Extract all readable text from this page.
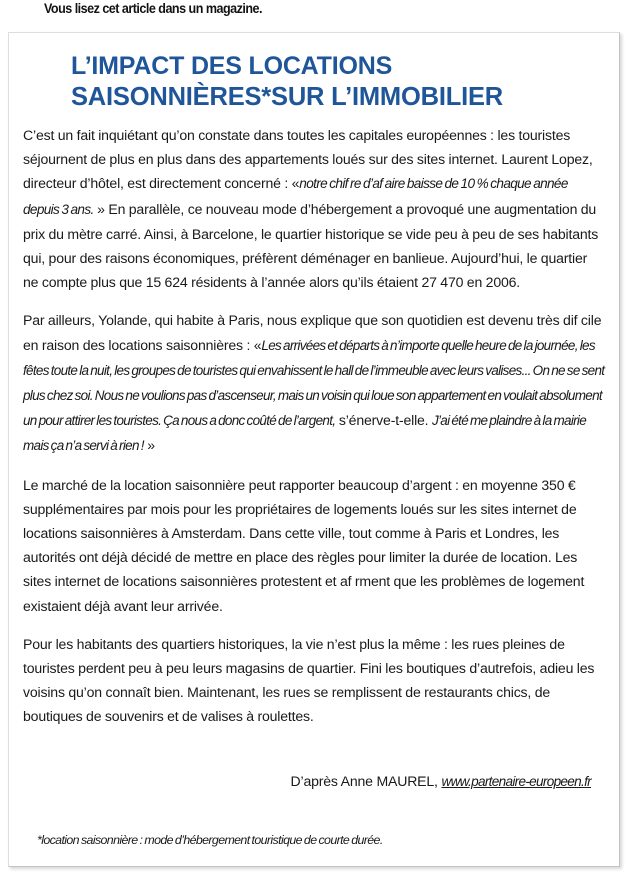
Vous lisez cet article dans un magazine.
L’IMPACT DES LOCATIONS
SAISONNIÈRES*SUR L’IMMOBILIER

C’est un fait inquiétant qu’on constate dans toutes les capitales européennes : les touristes séjournent de plus en plus dans des appartements loués sur des sites internet. Laurent Lopez, directeur d’hôtel, est directement concerné : «notre chif re d’af aire baisse de 10 % chaque année depuis 3 ans. » En parallèle, ce nouveau mode d’hébergement a provoqué une augmentation du prix du mètre carré. Ainsi, à Barcelone, le quartier historique se vide peu à peu de ses habitants qui, pour des raisons économiques, préfèrent déménager en banlieue. Aujourd’hui, le quartier ne compte plus que 15 624 résidents à l’année alors qu’ils étaient 27 470 en 2006.

Par ailleurs, Yolande, qui habite à Paris, nous explique que son quotidien est devenu très dif cile en raison des locations saisonnières : «Les arrivées et départs à n’importe quelle heure de la journée, les fêtes toute la nuit, les groupes de touristes qui envahissent le hall de l’immeuble avec leurs valises... On ne se sent plus chez soi. Nous ne voulions pas d’ascenseur, mais un voisin qui loue son appartement en voulait absolument un pour attirer les touristes. Ça nous a donc coûté de l’argent, s’énerve-t-elle. J’ai été me plaindre à la mairie mais ça n’a servi à rien ! »

Le marché de la location saisonnière peut rapporter beaucoup d’argent : en moyenne 350 € supplémentaires par mois pour les propriétaires de logements loués sur les sites internet de locations saisonnières à Amsterdam. Dans cette ville, tout comme à Paris et Londres, les autorités ont déjà décidé de mettre en place des règles pour limiter la durée de location. Les sites internet de locations saisonnières protestent et af rment que les problèmes de logement existaient déjà avant leur arrivée.

Pour les habitants des quartiers historiques, la vie n’est plus la même : les rues pleines de touristes perdent peu à peu leurs magasins de quartier. Fini les boutiques d’autrefois, adieu les voisins qu’on connaît bien. Maintenant, les rues se remplissent de restaurants chics, de boutiques de souvenirs et de valises à roulettes.

D’après Anne MAUREL, www.partenaire-europeen.fr
*location saisonnière : mode d’hébergement touristique de courte durée.
